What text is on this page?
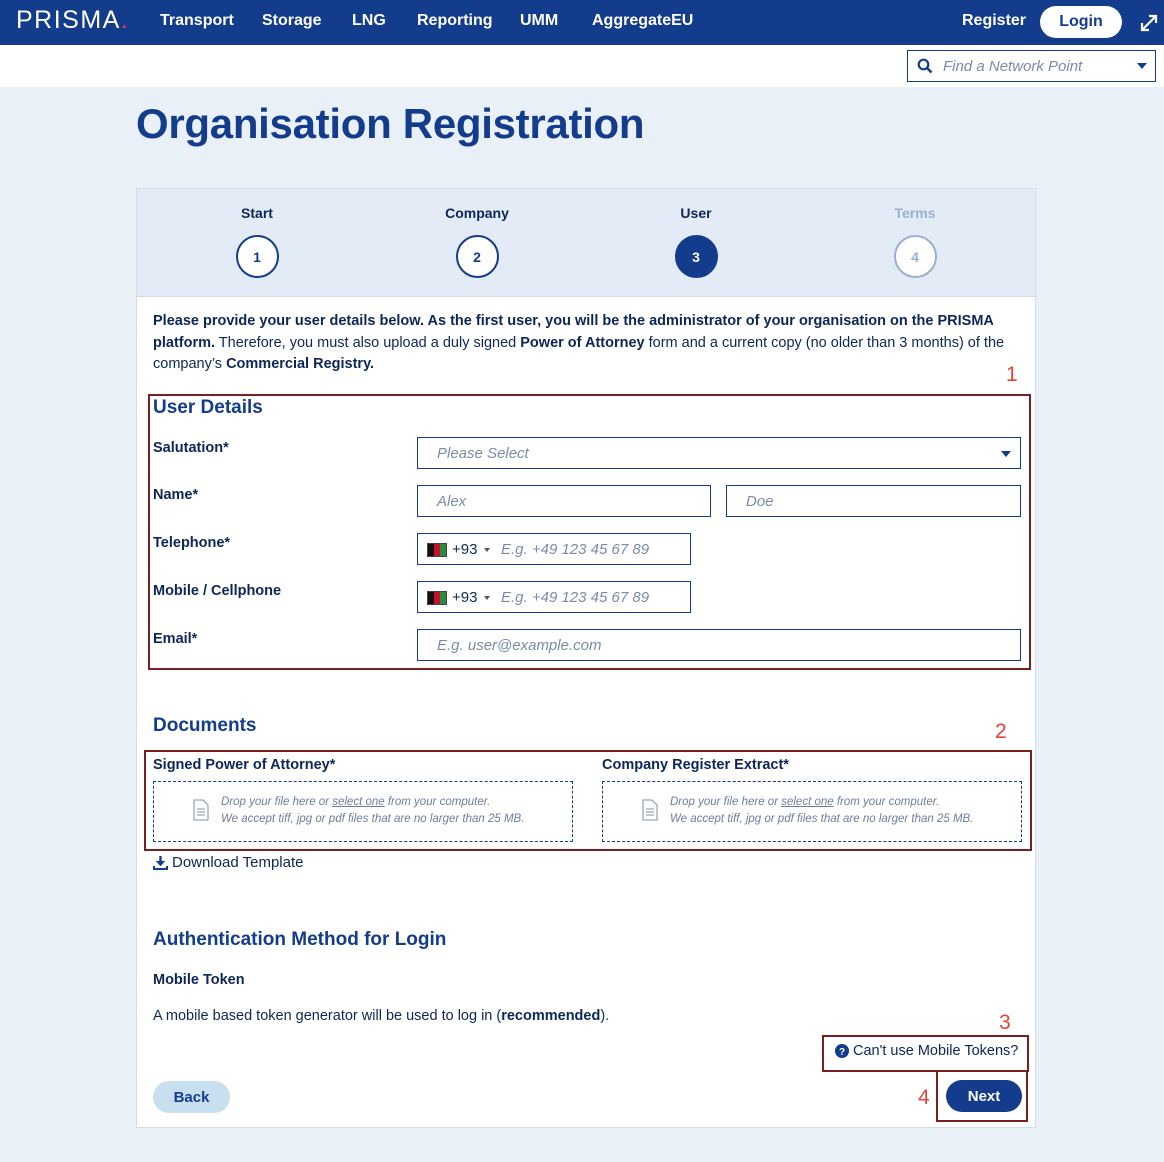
PRISMA. Transport Storage LNG Reporting UMM AggregateEU	Register	Login
Find a Network Point
Organisation Registration
Start
1
Company
2
User
3
Terms
4

Please provide your user details below. As the first user, you will be the administrator of your organisation on the PRISMA platform. Therefore, you must also upload a duly signed Power of Attorney form and a current copy (no older than 3 months) of the company’s Commercial Registry.	1
User Details
Salutation*	Please Select
Name*	Alex	Doe
Telephone*	+93 E.g. +49 123 45 67 89
Mobile / Cellphone	+93 E.g. +49 123 45 67 89
Email*	E.g. user@example.com
Documents	2
Signed Power of Attorney*	Company Register Extract*
Drop your file here or select one from your computer.
We accept tiff, jpg or pdf files that are no larger than 25 MB.
Drop your file here or select one from your computer.
We accept tiff, jpg or pdf files that are no larger than 25 MB.
Download Template
Authentication Method for Login
Mobile Token
A mobile based token generator will be used to log in (recommended).	3
? Can't use Mobile Tokens?
Back	4	Next
